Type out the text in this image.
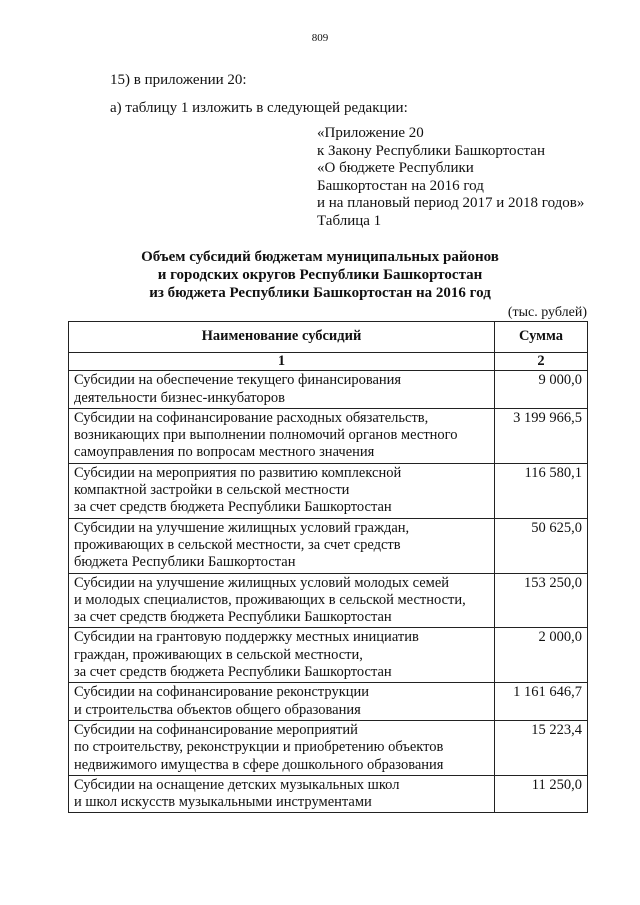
809
15) в приложении 20:
а) таблицу 1 изложить в следующей редакции:
«Приложение 20
к Закону Республики Башкортостан
«О бюджете Республики
Башкортостан на 2016 год
и на плановый период 2017 и 2018 годов»
Таблица 1
Объем субсидий бюджетам муниципальных районов
и городских округов Республики Башкортостан
из бюджета Республики Башкортостан на 2016 год
(тыс. рублей)
Наименование субсидий	Сумма
1	2

Субсидии на обеспечение текущего финансирования
деятельности бизнес-инкубаторов	9 000,0

Субсидии на софинансирование расходных обязательств,
возникающих при выполнении полномочий органов местного
самоуправления по вопросам местного значения	3 199 966,5

Субсидии на мероприятия по развитию комплексной
компактной застройки в сельской местности
за счет средств бюджета Республики Башкортостан	116 580,1

Субсидии на улучшение жилищных условий граждан,
проживающих в сельской местности, за счет средств
бюджета Республики Башкортостан	50 625,0

Субсидии на улучшение жилищных условий молодых семей
и молодых специалистов, проживающих в сельской местности,
за счет средств бюджета Республики Башкортостан	153 250,0

Субсидии на грантовую поддержку местных инициатив
граждан, проживающих в сельской местности,
за счет средств бюджета Республики Башкортостан	2 000,0

Субсидии на софинансирование реконструкции
и строительства объектов общего образования	1 161 646,7

Субсидии на софинансирование мероприятий
по строительству, реконструкции и приобретению объектов
недвижимого имущества в сфере дошкольного образования	15 223,4

Субсидии на оснащение детских музыкальных школ
и школ искусств музыкальными инструментами	11 250,0
